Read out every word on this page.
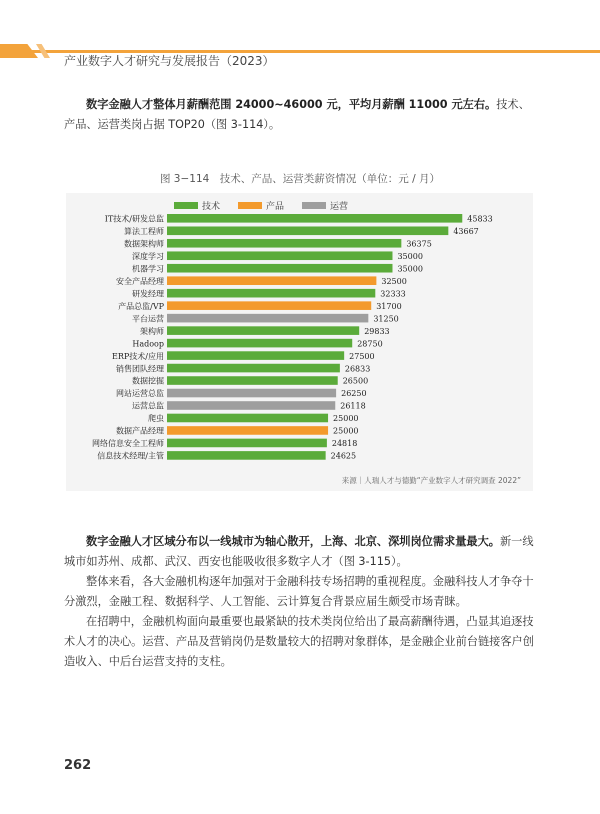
产业数字人才研究与发展报告（2023）

数字金融人才整体月薪酬范围 24000~46000 元，平均月薪酬 11000 元左右。技术、产品、运营类岗占据 TOP20（图 3-114）。

图 3−114　技术、产品、运营类薪资情况（单位：元 / 月）
技术	产品	运营
IT技术/研发总监	45833
算法工程师	43667
数据架构师	36375
深度学习	35000
机器学习	35000
安全产品经理	32500
研发经理	32333
产品总监/VP	31700
平台运营	31250
架构师	29833
Hadoop	28750
ERP技术/应用	27500
销售团队经理	26833
数据挖掘	26500
网站运营总监	26250
运营总监	26118
爬虫	25000
数据产品经理	25000
网络信息安全工程师	24818
信息技术经理/主管	24625
来源｜人瑞人才与德勤“产业数字人才研究调查 2022”

数字金融人才区域分布以一线城市为轴心散开，上海、北京、深圳岗位需求量最大。新一线城市如苏州、成都、武汉、西安也能吸收很多数字人才（图 3-115）。

整体来看，各大金融机构逐年加强对于金融科技专场招聘的重视程度。金融科技人才争夺十分激烈，金融工程、数据科学、人工智能、云计算复合背景应届生颇受市场青睐。

在招聘中，金融机构面向最重要也最紧缺的技术类岗位给出了最高薪酬待遇，凸显其追逐技术人才的决心。运营、产品及营销岗仍是数量较大的招聘对象群体，是金融企业前台链接客户创造收入、中后台运营支持的支柱。

262
